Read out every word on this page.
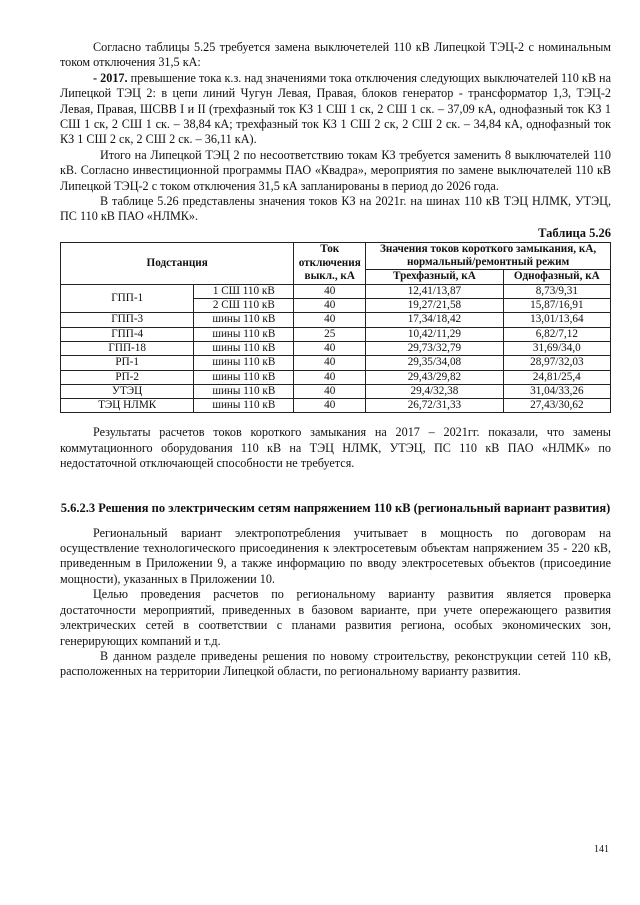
Согласно таблицы 5.25 требуется замена выключетелей 110 кВ Липецкой ТЭЦ-2 с номинальным током отключения 31,5 кА:

- 2017. превышение тока к.з. над значениями тока отключения следующих выключателей 110 кВ на Липецкой ТЭЦ 2: в цепи линий Чугун Левая, Правая, блоков генератор - трансформатор 1,3, ТЭЦ-2 Левая, Правая, ШСВВ I и II (трехфазный ток КЗ 1 СШ 1 ск, 2 СШ 1 ск. – 37,09 кА, однофазный ток КЗ 1 СШ 1 ск, 2 СШ 1 ск. – 38,84 кА; трехфазный ток КЗ 1 СШ 2 ск, 2 СШ 2 ск. – 34,84 кА, однофазный ток КЗ 1 СШ 2 ск, 2 СШ 2 ск. – 36,11 кА).

Итого на Липецкой ТЭЦ 2 по несоответствию токам КЗ требуется заменить 8 выключателей 110 кВ. Согласно инвестиционной программы ПАО «Квадра», мероприятия по замене выключателей 110 кВ Липецкой ТЭЦ-2 с током отключения 31,5 кА запланированы в период до 2026 года.

В таблице 5.26 представлены значения токов КЗ на 2021г. на шинах 110 кВ ТЭЦ НЛМК, УТЭЦ, ПС 110 кВ ПАО «НЛМК».

Таблица 5.26
Подстанция		Ток отключения выкл., кА	Значения токов короткого замыкания, кА, нормальный/ремонтный режим	
			Трехфазный, кА	Однофазный, кА
ГПП-1	1 СШ 110 кВ	40	12,41/13,87	8,73/9,31
	2 СШ 110 кВ	40	19,27/21,58	15,87/16,91
ГПП-3	шины 110 кВ	40	17,34/18,42	13,01/13,64
ГПП-4	шины 110 кВ	25	10,42/11,29	6,82/7,12
ГПП-18	шины 110 кВ	40	29,73/32,79	31,69/34,0
РП-1	шины 110 кВ	40	29,35/34,08	28,97/32,03
РП-2	шины 110 кВ	40	29,43/29,82	24,81/25,4
УТЭЦ	шины 110 кВ	40	29,4/32,38	31,04/33,26
ТЭЦ НЛМК	шины 110 кВ	40	26,72/31,33	27,43/30,62

Результаты расчетов токов короткого замыкания на 2017 – 2021гг. показали, что замены коммутационного оборудования 110 кВ на ТЭЦ НЛМК, УТЭЦ, ПС 110 кВ ПАО «НЛМК» по недостаточной отключающей способности не требуется.

5.6.2.3 Решения по электрическим сетям напряжением 110 кВ (региональный вариант развития)

Региональный вариант электропотребления учитывает в мощность по договорам на осуществление технологического присоединения к электросетевым объектам напряжением 35 - 220 кВ, приведенным в Приложении 9, а также информацию по вводу электросетевых объектов (присоединие мощности), указанных в Приложении 10.

Целью проведения расчетов по региональному варианту развития является проверка достаточности мероприятий, приведенных в базовом варианте, при учете опережающего развития электрических сетей в соответствии с планами развития региона, особых экономических зон, генерирующих компаний и т.д.

В данном разделе приведены решения по новому строительству, реконструкции сетей 110 кВ, расположенных на территории Липецкой области, по региональному варианту развития.

141
